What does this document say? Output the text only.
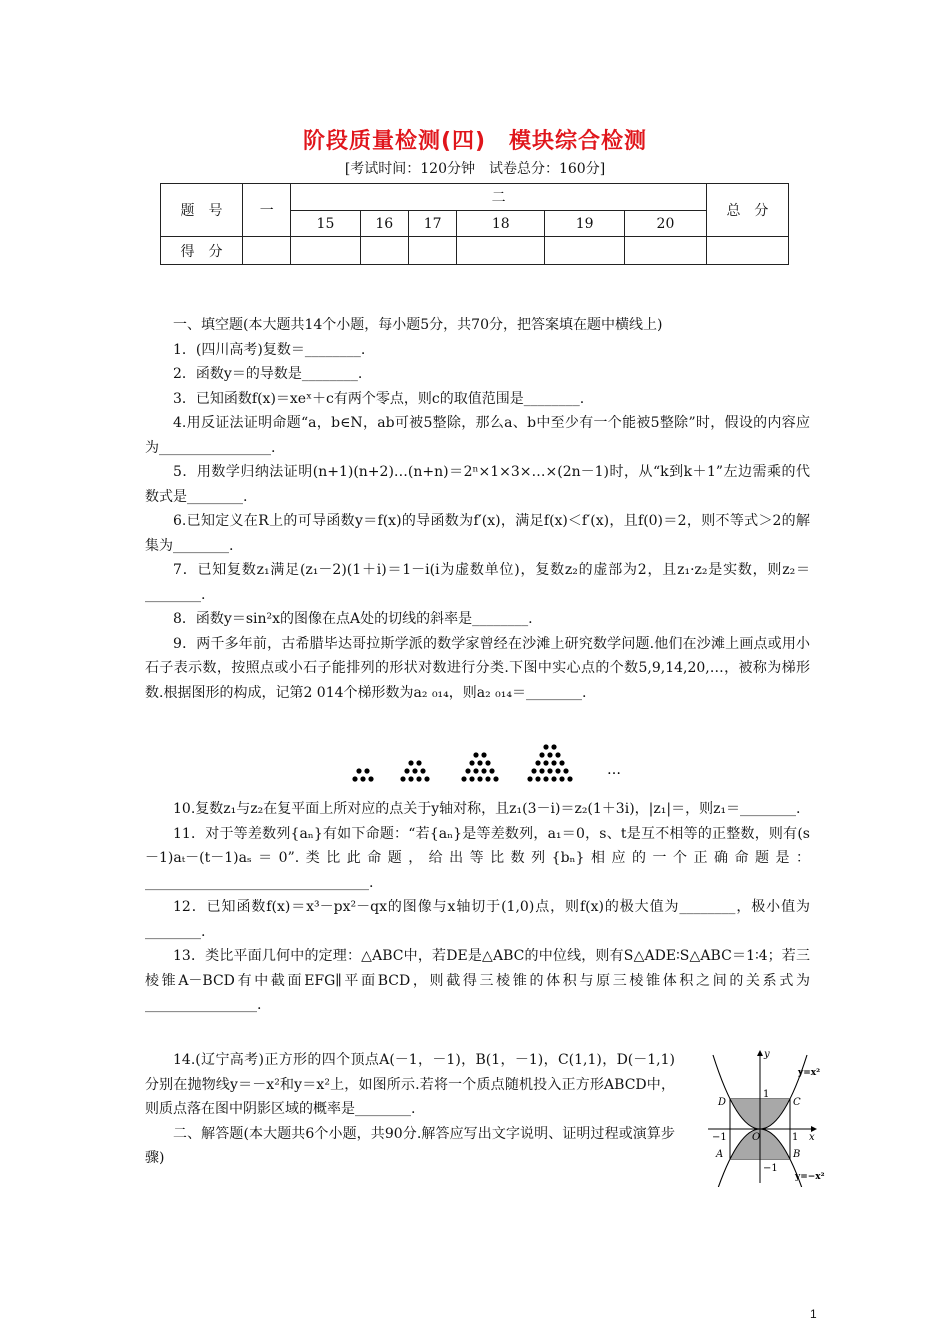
阶段质量检测(四)　模块综合检测
[考试时间：120分钟　试卷总分：160分]
题　号	一	二						总　分
		15	16	17	18	19	20	
得　分								

一、填空题(本大题共14个小题，每小题5分，共70分，把答案填在题中横线上)

1．(四川高考)复数＝________.

2．函数y＝的导数是________.

3．已知函数f(x)＝xeˣ＋c有两个零点，则c的取值范围是________.

4.用反证法证明命题“a，b∈N，ab可被5整除，那么a、b中至少有一个能被5整除”时，假设的内容应为________________.

5．用数学归纳法证明(n+1)(n+2)…(n+n)＝2ⁿ×1×3×…×(2n－1)时，从“k到k＋1”左边需乘的代数式是________.

6.已知定义在R上的可导函数y＝f(x)的导函数为f′(x)，满足f(x)＜f′(x)，且f(0)＝2，则不等式＞2的解集为________.

7．已知复数z₁满足(z₁－2)(1＋i)＝1－i(i为虚数单位)，复数z₂的虚部为2，且z₁·z₂是实数，则z₂＝________.

8．函数y＝sin²x的图像在点A处的切线的斜率是________.

9．两千多年前，古希腊毕达哥拉斯学派的数学家曾经在沙滩上研究数学问题.他们在沙滩上画点或用小石子表示数，按照点或小石子能排列的形状对数进行分类.下图中实心点的个数5,9,14,20,…，被称为梯形数.根据图形的构成，记第2 014个梯形数为a₂ ₀₁₄，则a₂ ₀₁₄＝________.

…

10.复数z₁与z₂在复平面上所对应的点关于y轴对称，且z₁(3－i)＝z₂(1＋3i)，|z₁|＝，则z₁＝________.

11．对于等差数列{aₙ}有如下命题：“若{aₙ}是等差数列，a₁＝0，s、t是互不相等的正整数，则有(s－1)aₜ－(t－1)aₛ＝0”.类比此命题，给出等比数列{bₙ}相应的一个正确命题是：________________________________.

12．已知函数f(x)＝x³－px²－qx的图像与x轴切于(1,0)点，则f(x)的极大值为________，极小值为________.

13．类比平面几何中的定理：△ABC中，若DE是△ABC的中位线，则有S△ADE∶S△ABC＝1∶4；若三棱锥A－BCD有中截面EFG∥平面BCD，则截得三棱锥的体积与原三棱锥体积之间的关系式为________________.

14.(辽宁高考)正方形的四个顶点A(－1，－1)，B(1，－1)，C(1,1)，D(－1,1)分别在抛物线y＝－x²和y＝x²上，如图所示.若将一个质点随机投入正方形ABCD中，则质点落在图中阴影区域的概率是________.

二、解答题(本大题共6个小题，共90分.解答应写出文字说明、证明过程或演算步骤)

y
x
O
1
−1
−1	1
A	B
C
D
y=x²
y=−x²
1
